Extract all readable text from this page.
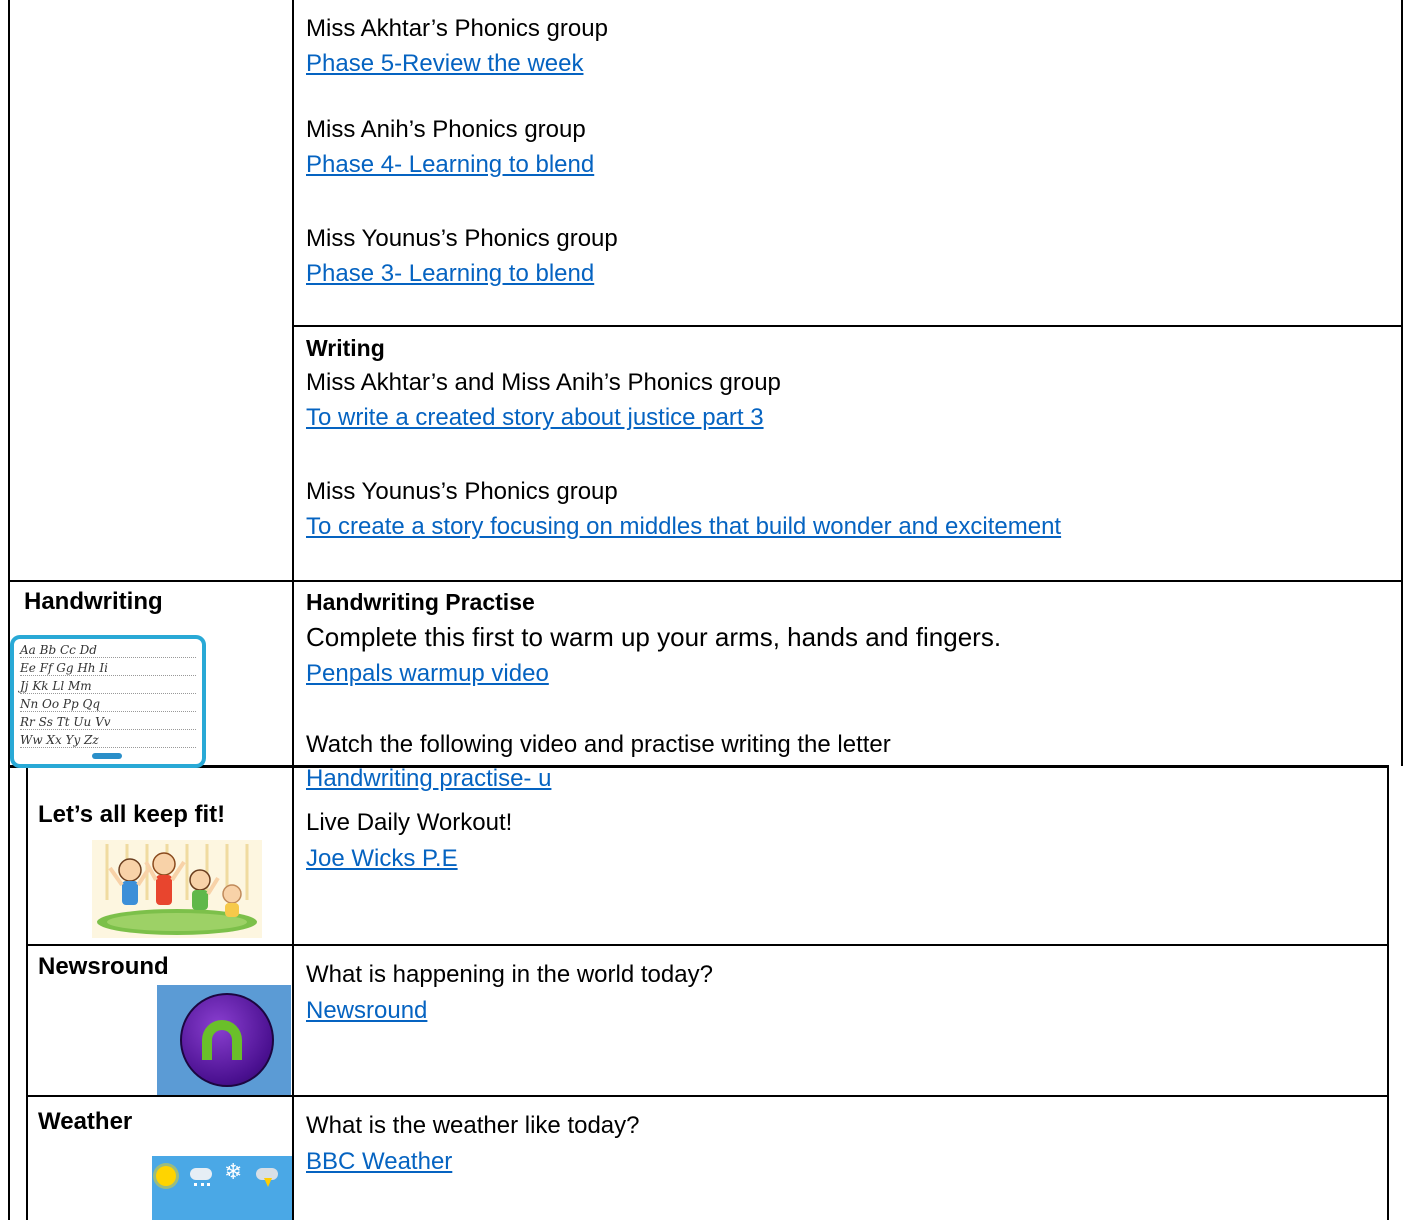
Miss Akhtar’s Phonics group
Phase 5-Review the week
Miss Anih’s Phonics group
Phase 4- Learning to blend
Miss Younus’s Phonics group
Phase 3- Learning to blend
Writing
Miss Akhtar’s and Miss Anih’s Phonics group
To write a created story about justice part 3
Miss Younus’s Phonics group
To create a story focusing on middles that build wonder and excitement
Handwriting
Aa Bb Cc Dd
Ee Ff Gg Hh Ii
Jj Kk Ll Mm
Nn Oo Pp Qq
Rr Ss Tt Uu Vv
Ww Xx Yy Zz
Handwriting Practise
Complete this first to warm up your arms, hands and fingers.
Penpals warmup video
Watch the following video and practise writing the letter
Handwriting practise- u
Let’s all keep fit!	Live Daily Workout!
Joe Wicks P.E
Newsround	What is happening in the world today?
Newsround
Weather
❄
What is the weather like today?
BBC Weather
